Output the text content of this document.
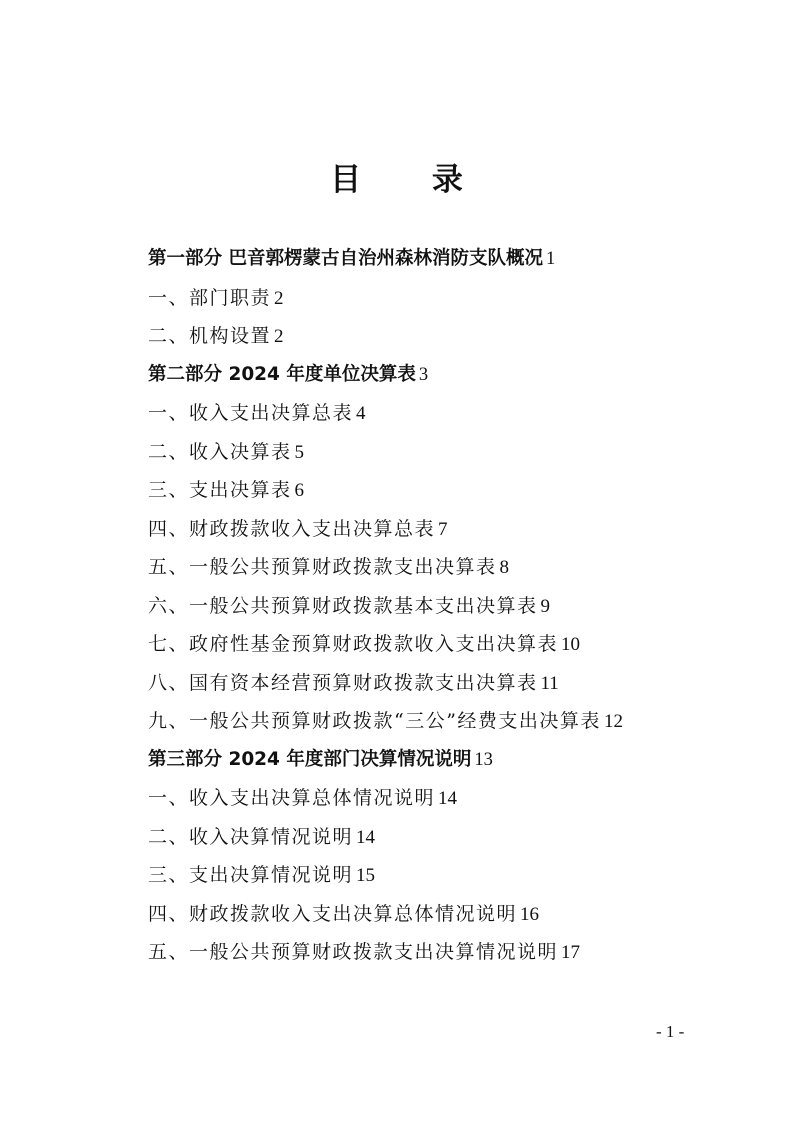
目 录
第一部分 巴音郭楞蒙古自治州森林消防支队概况 1
一、部门职责 2
二、机构设置 2
第二部分 2024 年度单位决算表 3
一、收入支出决算总表 4
二、收入决算表 5
三、支出决算表 6
四、财政拨款收入支出决算总表 7
五、一般公共预算财政拨款支出决算表 8
六、一般公共预算财政拨款基本支出决算表 9
七、政府性基金预算财政拨款收入支出决算表 10
八、国有资本经营预算财政拨款支出决算表 11
九、一般公共预算财政拨款“三公”经费支出决算表 12
第三部分 2024 年度部门决算情况说明 13
一、收入支出决算总体情况说明 14
二、收入决算情况说明 14
三、支出决算情况说明 15
四、财政拨款收入支出决算总体情况说明 16
五、一般公共预算财政拨款支出决算情况说明 17
- 1 -
